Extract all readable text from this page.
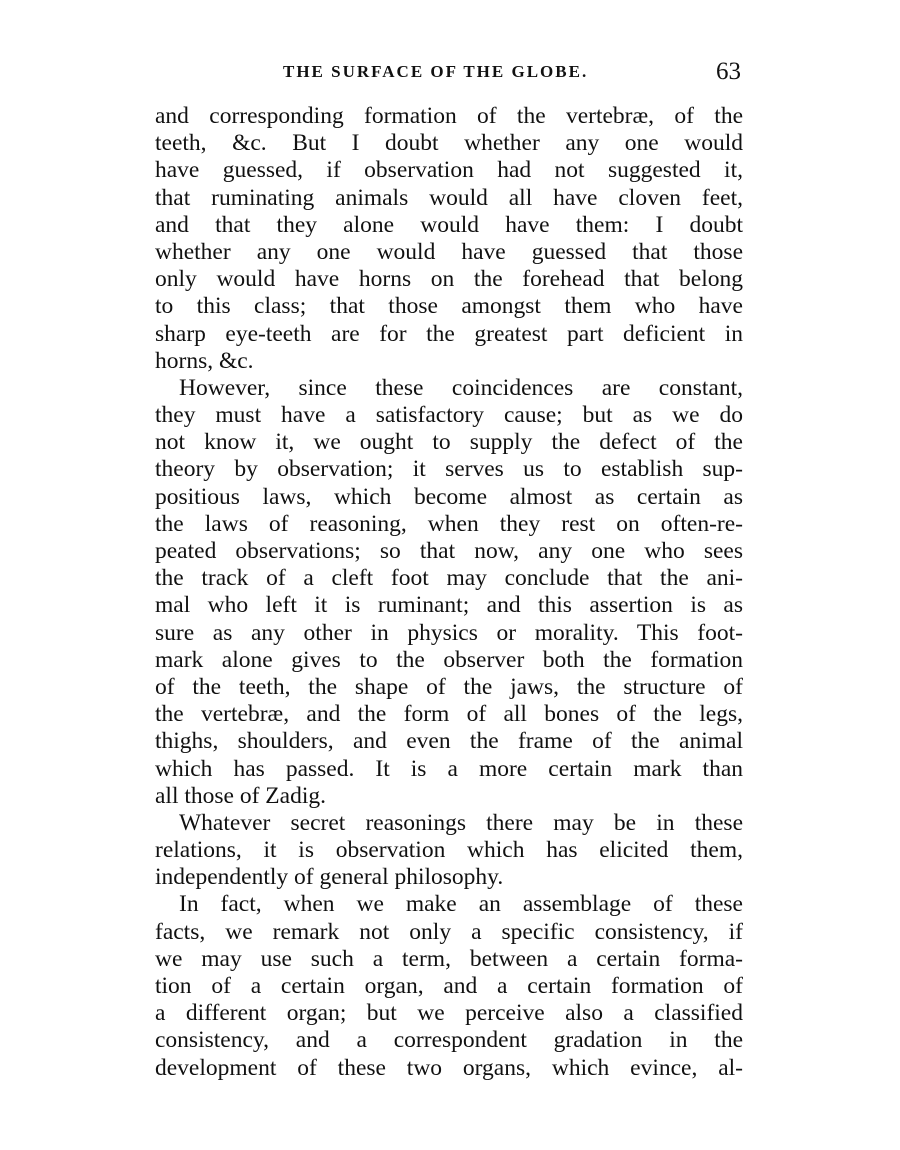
THE SURFACE OF THE GLOBE.	63
and corresponding formation of the vertebræ, of the
teeth, &c. But I doubt whether any one would
have guessed, if observation had not suggested it,
that ruminating animals would all have cloven feet,
and that they alone would have them: I doubt
whether any one would have guessed that those
only would have horns on the forehead that belong
to this class; that those amongst them who have
sharp eye-teeth are for the greatest part deficient in
horns, &c.
However, since these coincidences are constant,
they must have a satisfactory cause; but as we do
not know it, we ought to supply the defect of the
theory by observation; it serves us to establish sup-
positious laws, which become almost as certain as
the laws of reasoning, when they rest on often-re-
peated observations; so that now, any one who sees
the track of a cleft foot may conclude that the ani-
mal who left it is ruminant; and this assertion is as
sure as any other in physics or morality. This foot-
mark alone gives to the observer both the formation
of the teeth, the shape of the jaws, the structure of
the vertebræ, and the form of all bones of the legs,
thighs, shoulders, and even the frame of the animal
which has passed. It is a more certain mark than
all those of Zadig.
Whatever secret reasonings there may be in these
relations, it is observation which has elicited them,
independently of general philosophy.
In fact, when we make an assemblage of these
facts, we remark not only a specific consistency, if
we may use such a term, between a certain forma-
tion of a certain organ, and a certain formation of
a different organ; but we perceive also a classified
consistency, and a correspondent gradation in the
development of these two organs, which evince, al-
